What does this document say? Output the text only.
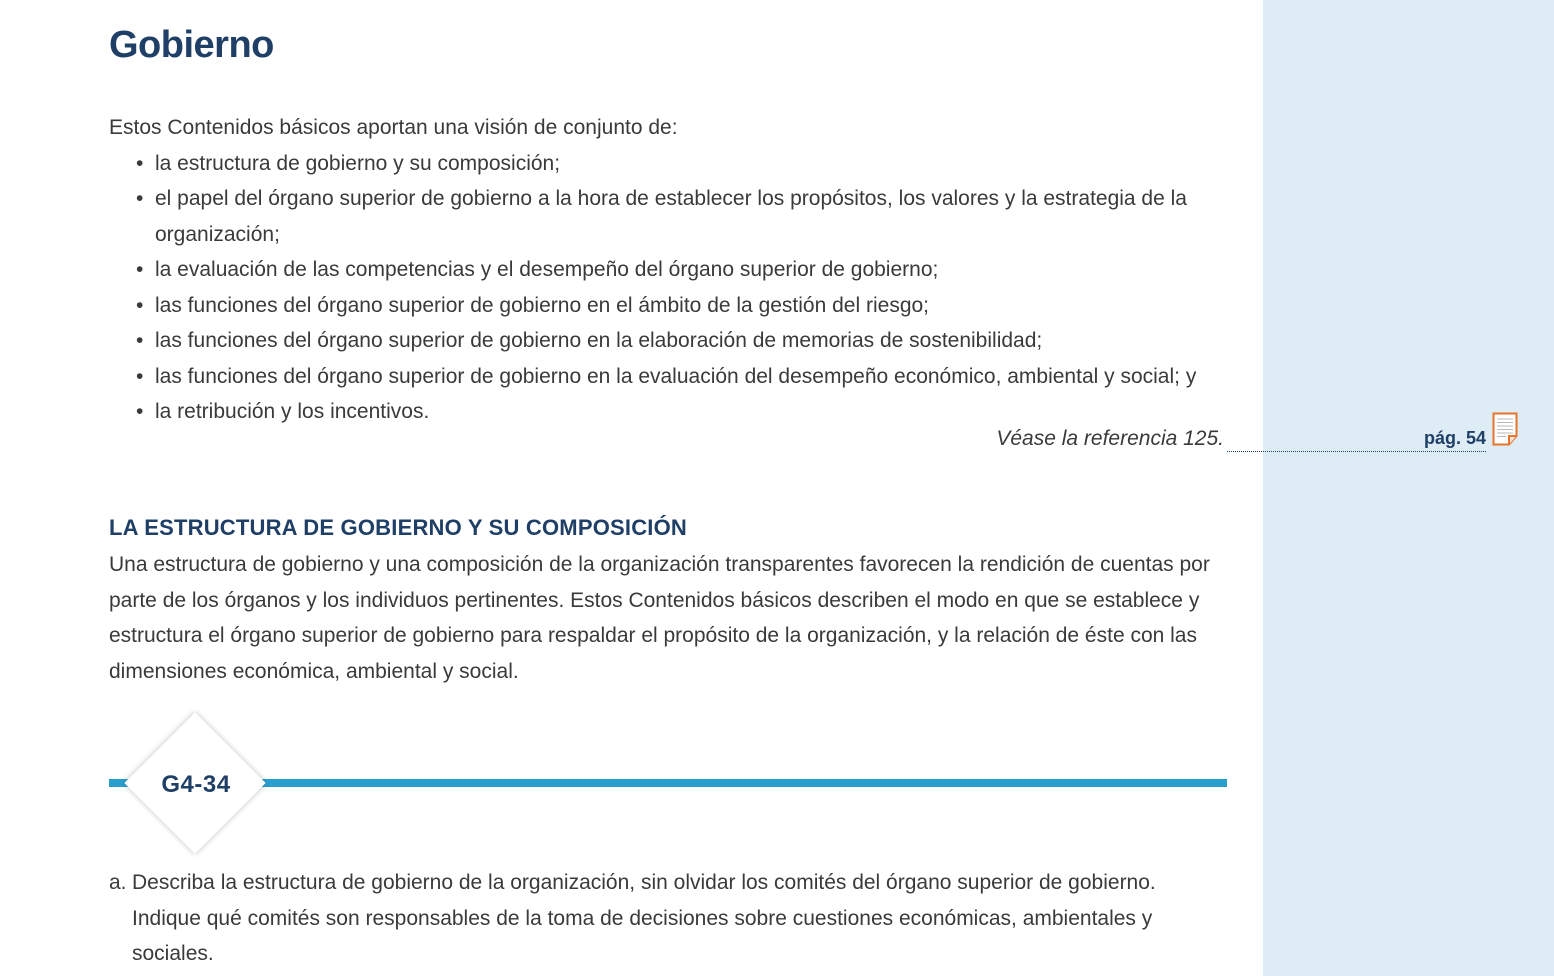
Gobierno

Estos Contenidos básicos aportan una visión de conjunto de:

• la estructura de gobierno y su composición;
• el papel del órgano superior de gobierno a la hora de establecer los propósitos, los valores y la estrategia de la organización;
• la evaluación de las competencias y el desempeño del órgano superior de gobierno;
• las funciones del órgano superior de gobierno en el ámbito de la gestión del riesgo;
• las funciones del órgano superior de gobierno en la elaboración de memorias de sostenibilidad;
• las funciones del órgano superior de gobierno en la evaluación del desempeño económico, ambiental y social; y
• la retribución y los incentivos.
Véase la referencia 125.	pág. 54
LA ESTRUCTURA DE GOBIERNO Y SU COMPOSICIÓN

Una estructura de gobierno y una composición de la organización transparentes favorecen la rendición de cuentas por parte de los órganos y los individuos pertinentes. Estos Contenidos básicos describen el modo en que se establece y estructura el órgano superior de gobierno para respaldar el propósito de la organización, y la relación de éste con las dimensiones económica, ambiental y social.

G4-34
a. Describa la estructura de gobierno de la organización, sin olvidar los comités del órgano superior de gobierno. Indique qué comités son responsables de la toma de decisiones sobre cuestiones económicas, ambientales y sociales.
